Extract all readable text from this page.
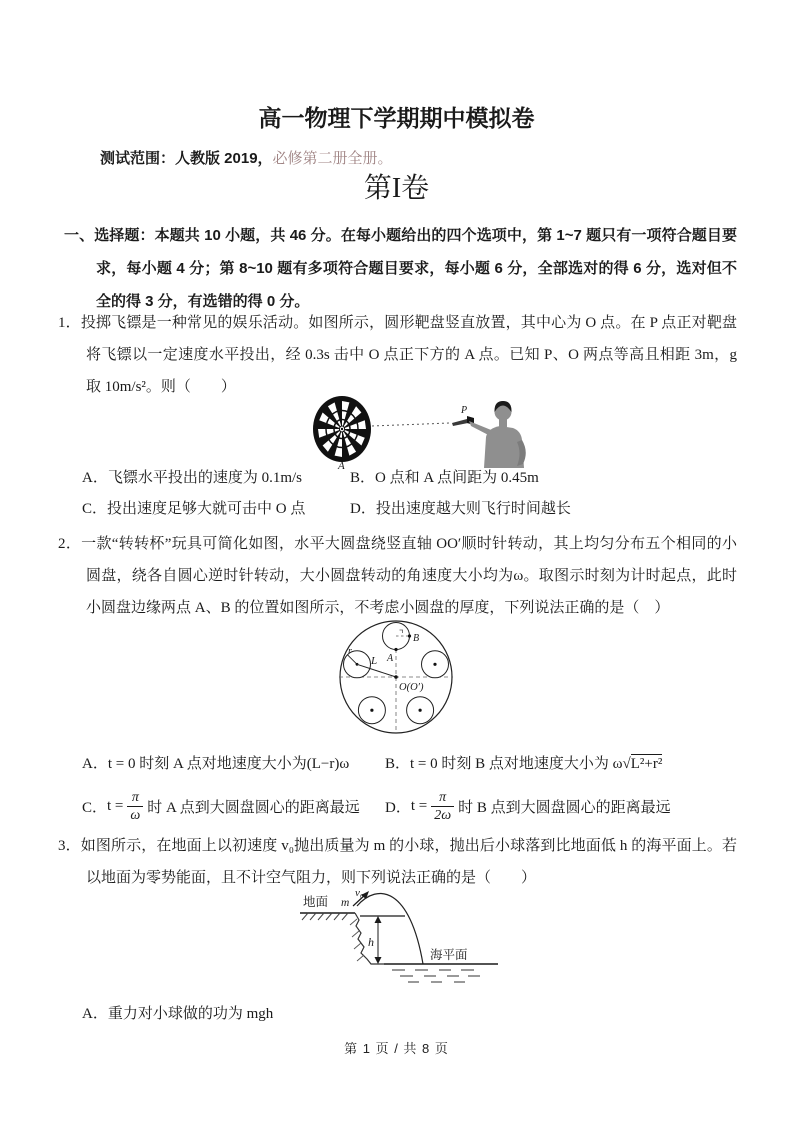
高一物理下学期期中模拟卷
测试范围：人教版 2019，必修第二册全册。
第I卷
一、选择题：本题共 10 小题，共 46 分。在每小题给出的四个选项中，第 1~7 题只有一项符合题目要求，每小题 4 分；第 8~10 题有多项符合题目要求，每小题 6 分，全部选对的得 6 分，选对但不全的得 3 分，有选错的得 0 分。
1．投掷飞镖是一种常见的娱乐活动。如图所示，圆形靶盘竖直放置，其中心为 O 点。在 P 点正对靶盘将飞镖以一定速度水平投出，经 0.3s 击中 O 点正下方的 A 点。已知 P、O 两点等高且相距 3m，g 取 10m/s²。则（　　）
A
P
A．飞镖水平投出的速度为 0.1m/s	B．O 点和 A 点间距为 0.45m
C．投出速度足够大就可击中 O 点	D．投出速度越大则飞行时间越长
2．一款“转转杯”玩具可简化如图，水平大圆盘绕竖直轴 OO′顺时针转动，其上均匀分布五个相同的小圆盘，绕各自圆心逆时针转动，大小圆盘转动的角速度大小均为ω。取图示时刻为计时起点，此时小圆盘边缘两点 A、B 的位置如图所示，不考虑小圆盘的厚度，下列说法正确的是（　）
B
A
r
L
O(O′)
A．t = 0 时刻 A 点对地速度大小为(L−r)ω	B．t = 0 时刻 B 点对地速度大小为 ω√L²+r²
C． $t = \frac{\pi}{\omega}$ 时 A 点到大圆盘圆心的距离最远 D． $t = \frac{\pi}{2\omega}$ 时 B 点到大圆盘圆心的距离最远
3．如图所示，在地面上以初速度 v₀抛出质量为 m 的小球，抛出后小球落到比地面低 h 的海平面上。若以地面为零势能面，且不计空气阻力，则下列说法正确的是（　　）
地面 m
v₀
h
海平面
A．重力对小球做的功为 mgh
第 1 页 / 共 8 页
